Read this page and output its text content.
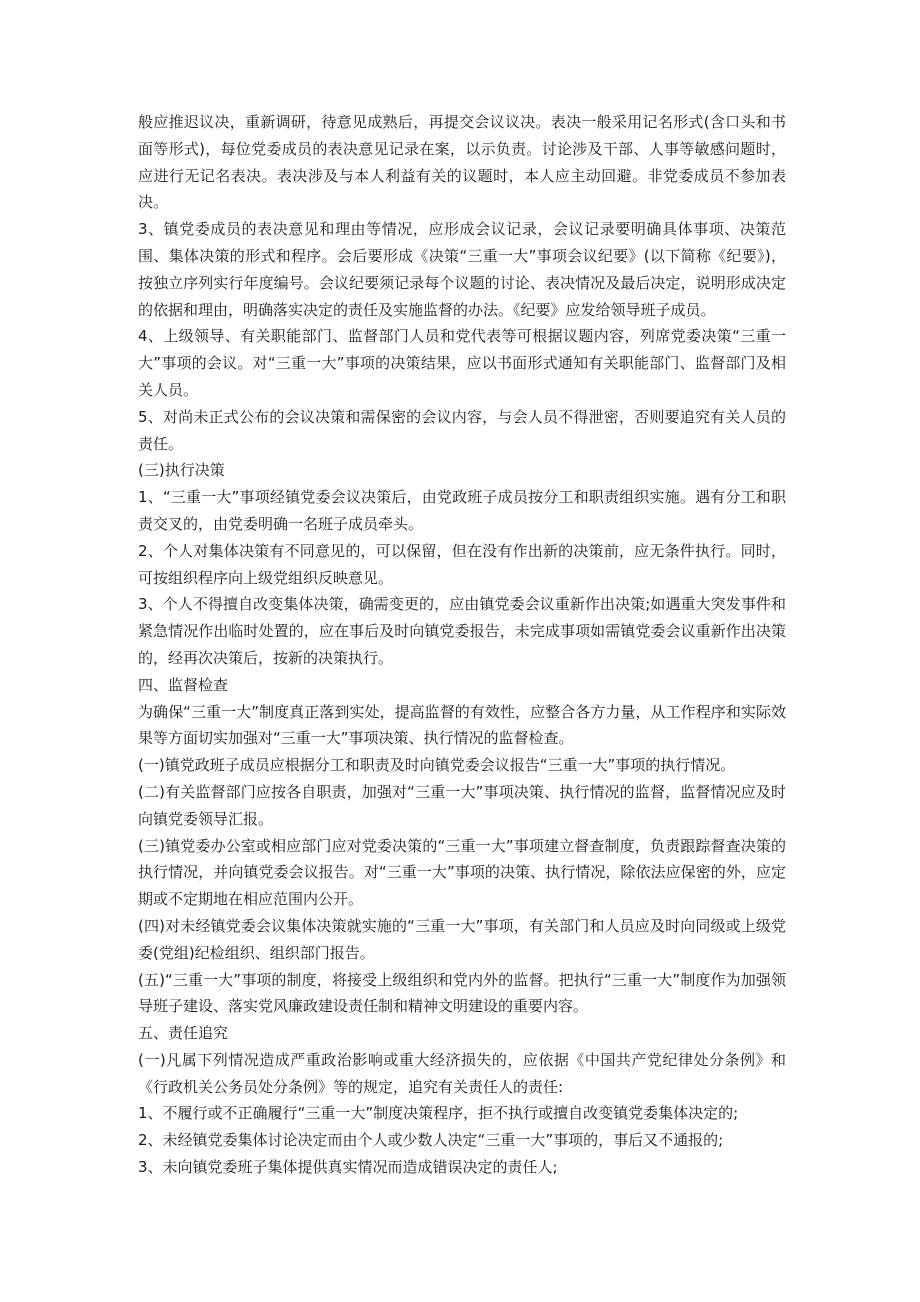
般应推迟议决，重新调研，待意见成熟后，再提交会议议决。表决一般采用记名形式(含口头和书面等形式)，每位党委成员的表决意见记录在案，以示负责。讨论涉及干部、人事等敏感问题时，应进行无记名表决。表决涉及与本人利益有关的议题时，本人应主动回避。非党委成员不参加表决。

3、镇党委成员的表决意见和理由等情况，应形成会议记录，会议记录要明确具体事项、决策范围、集体决策的形式和程序。会后要形成《决策“三重一大”事项会议纪要》(以下简称《纪要》)，按独立序列实行年度编号。会议纪要须记录每个议题的讨论、表决情况及最后决定，说明形成决定的依据和理由，明确落实决定的责任及实施监督的办法。《纪要》应发给领导班子成员。

4、上级领导、有关职能部门、监督部门人员和党代表等可根据议题内容，列席党委决策“三重一大”事项的会议。对“三重一大”事项的决策结果，应以书面形式通知有关职能部门、监督部门及相关人员。

5、对尚未正式公布的会议决策和需保密的会议内容，与会人员不得泄密，否则要追究有关人员的责任。

(三)执行决策

1、“三重一大”事项经镇党委会议决策后，由党政班子成员按分工和职责组织实施。遇有分工和职责交叉的，由党委明确一名班子成员牵头。

2、个人对集体决策有不同意见的，可以保留，但在没有作出新的决策前，应无条件执行。同时，可按组织程序向上级党组织反映意见。

3、个人不得擅自改变集体决策，确需变更的，应由镇党委会议重新作出决策;如遇重大突发事件和紧急情况作出临时处置的，应在事后及时向镇党委报告，未完成事项如需镇党委会议重新作出决策的，经再次决策后，按新的决策执行。

四、监督检查

为确保“三重一大”制度真正落到实处，提高监督的有效性，应整合各方力量，从工作程序和实际效果等方面切实加强对“三重一大”事项决策、执行情况的监督检查。

(一)镇党政班子成员应根据分工和职责及时向镇党委会议报告“三重一大”事项的执行情况。

(二)有关监督部门应按各自职责，加强对“三重一大”事项决策、执行情况的监督，监督情况应及时向镇党委领导汇报。

(三)镇党委办公室或相应部门应对党委决策的“三重一大”事项建立督查制度，负责跟踪督查决策的执行情况，并向镇党委会议报告。对“三重一大”事项的决策、执行情况，除依法应保密的外，应定期或不定期地在相应范围内公开。

(四)对未经镇党委会议集体决策就实施的“三重一大”事项，有关部门和人员应及时向同级或上级党委(党组)纪检组织、组织部门报告。

(五)“三重一大”事项的制度，将接受上级组织和党内外的监督。把执行“三重一大”制度作为加强领导班子建设、落实党风廉政建设责任制和精神文明建设的重要内容。

五、责任追究

(一)凡属下列情况造成严重政治影响或重大经济损失的，应依据《中国共产党纪律处分条例》和《行政机关公务员处分条例》等的规定，追究有关责任人的责任:

1、不履行或不正确履行“三重一大”制度决策程序，拒不执行或擅自改变镇党委集体决定的;

2、未经镇党委集体讨论决定而由个人或少数人决定“三重一大”事项的，事后又不通报的;

3、未向镇党委班子集体提供真实情况而造成错误决定的责任人;
